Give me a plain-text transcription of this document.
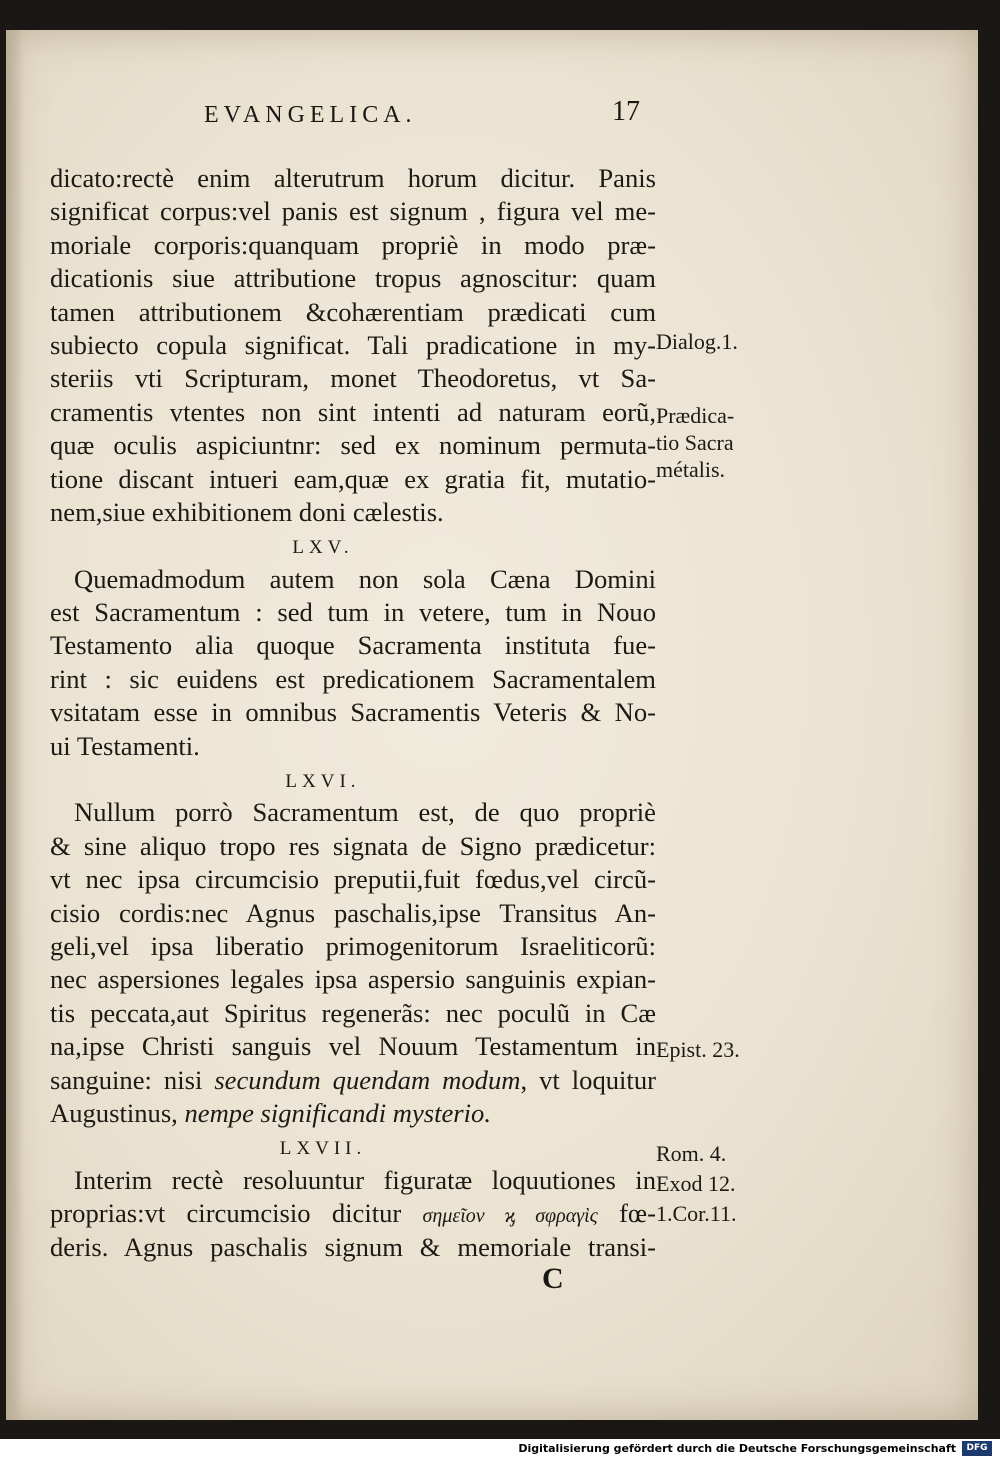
EVANGELICA.	17
dicato:rectè enim alterutrum horum dicitur. Panis
significat corpus:vel panis est signum , figura vel me-
moriale corporis:quanquam propriè in modo præ-
dicationis siue attributione tropus agnoscitur: quam
tamen attributionem &cohærentiam prædicati cum
subiecto copula significat. Tali pradicatione in my-
steriis vti Scripturam, monet Theodoretus, vt Sa-
cramentis vtentes non sint intenti ad naturam eorũ,
quæ oculis aspiciuntnr: sed ex nominum permuta-
tione discant intueri eam,quæ ex gratia fit, mutatio-
nem,siue exhibitionem doni cælestis.
LXV.
Quemadmodum autem non sola Cæna Domini
est Sacramentum : sed tum in vetere, tum in Nouo
Testamento alia quoque Sacramenta instituta fue-
rint : sic euidens est predicationem Sacramentalem
vsitatam esse in omnibus Sacramentis Veteris & No-
ui Testamenti.
LXVI.
Nullum porrò Sacramentum est, de quo propriè
& sine aliquo tropo res signata de Signo prædicetur:
vt nec ipsa circumcisio preputii,fuit fœdus,vel circũ-
cisio cordis:nec Agnus paschalis,ipse Transitus An-
geli,vel ipsa liberatio primogenitorum Israeliticorũ:
nec aspersiones legales ipsa aspersio sanguinis expian-
tis peccata,aut Spiritus regenerãs: nec poculũ in Cæ
na,ipse Christi sanguis vel Nouum Testamentum in
sanguine: nisi secundum quendam modum, vt loquitur
Augustinus, nempe significandi mysterio.
LXVII.
Interim rectè resoluuntur figuratæ loquutiones in
proprias:vt circumcisio dicitur σημεῖον ϗ σφραγὶς fœ-
deris. Agnus paschalis signum & memoriale transi-
Dialog.1.
Prædica-
tio Sacra
métalis.
Epist. 23.
Rom. 4.
Exod 12.
1.Cor.11.
C
Digitalisierung gefördert durch die Deutsche Forschungsgemeinschaft	DFG
